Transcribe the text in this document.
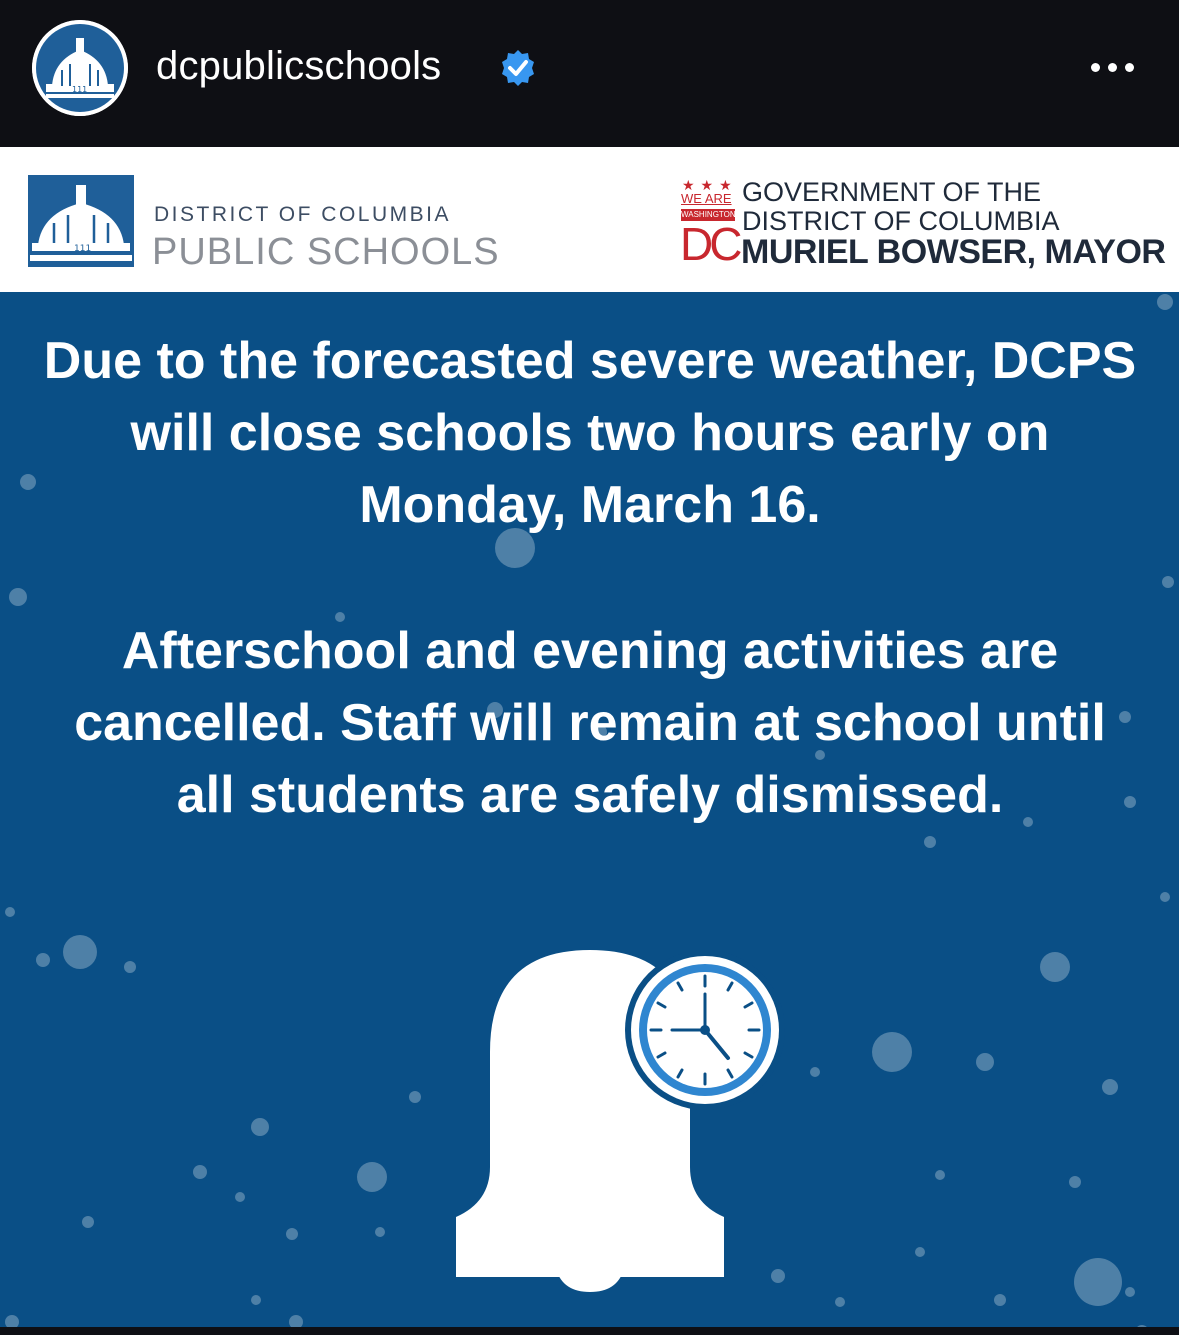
111
dcpublicschools
111
DISTRICT OF COLUMBIA
PUBLIC SCHOOLS
★★★
WE ARE
WASHINGTON
DC
GOVERNMENT OF THE
DISTRICT OF COLUMBIA
MURIEL BOWSER, MAYOR
Due to the forecasted severe weather, DCPS will close schools two hours early on Monday, March 16.
Afterschool and evening activities are cancelled. Staff will remain at school until all students are safely dismissed.
